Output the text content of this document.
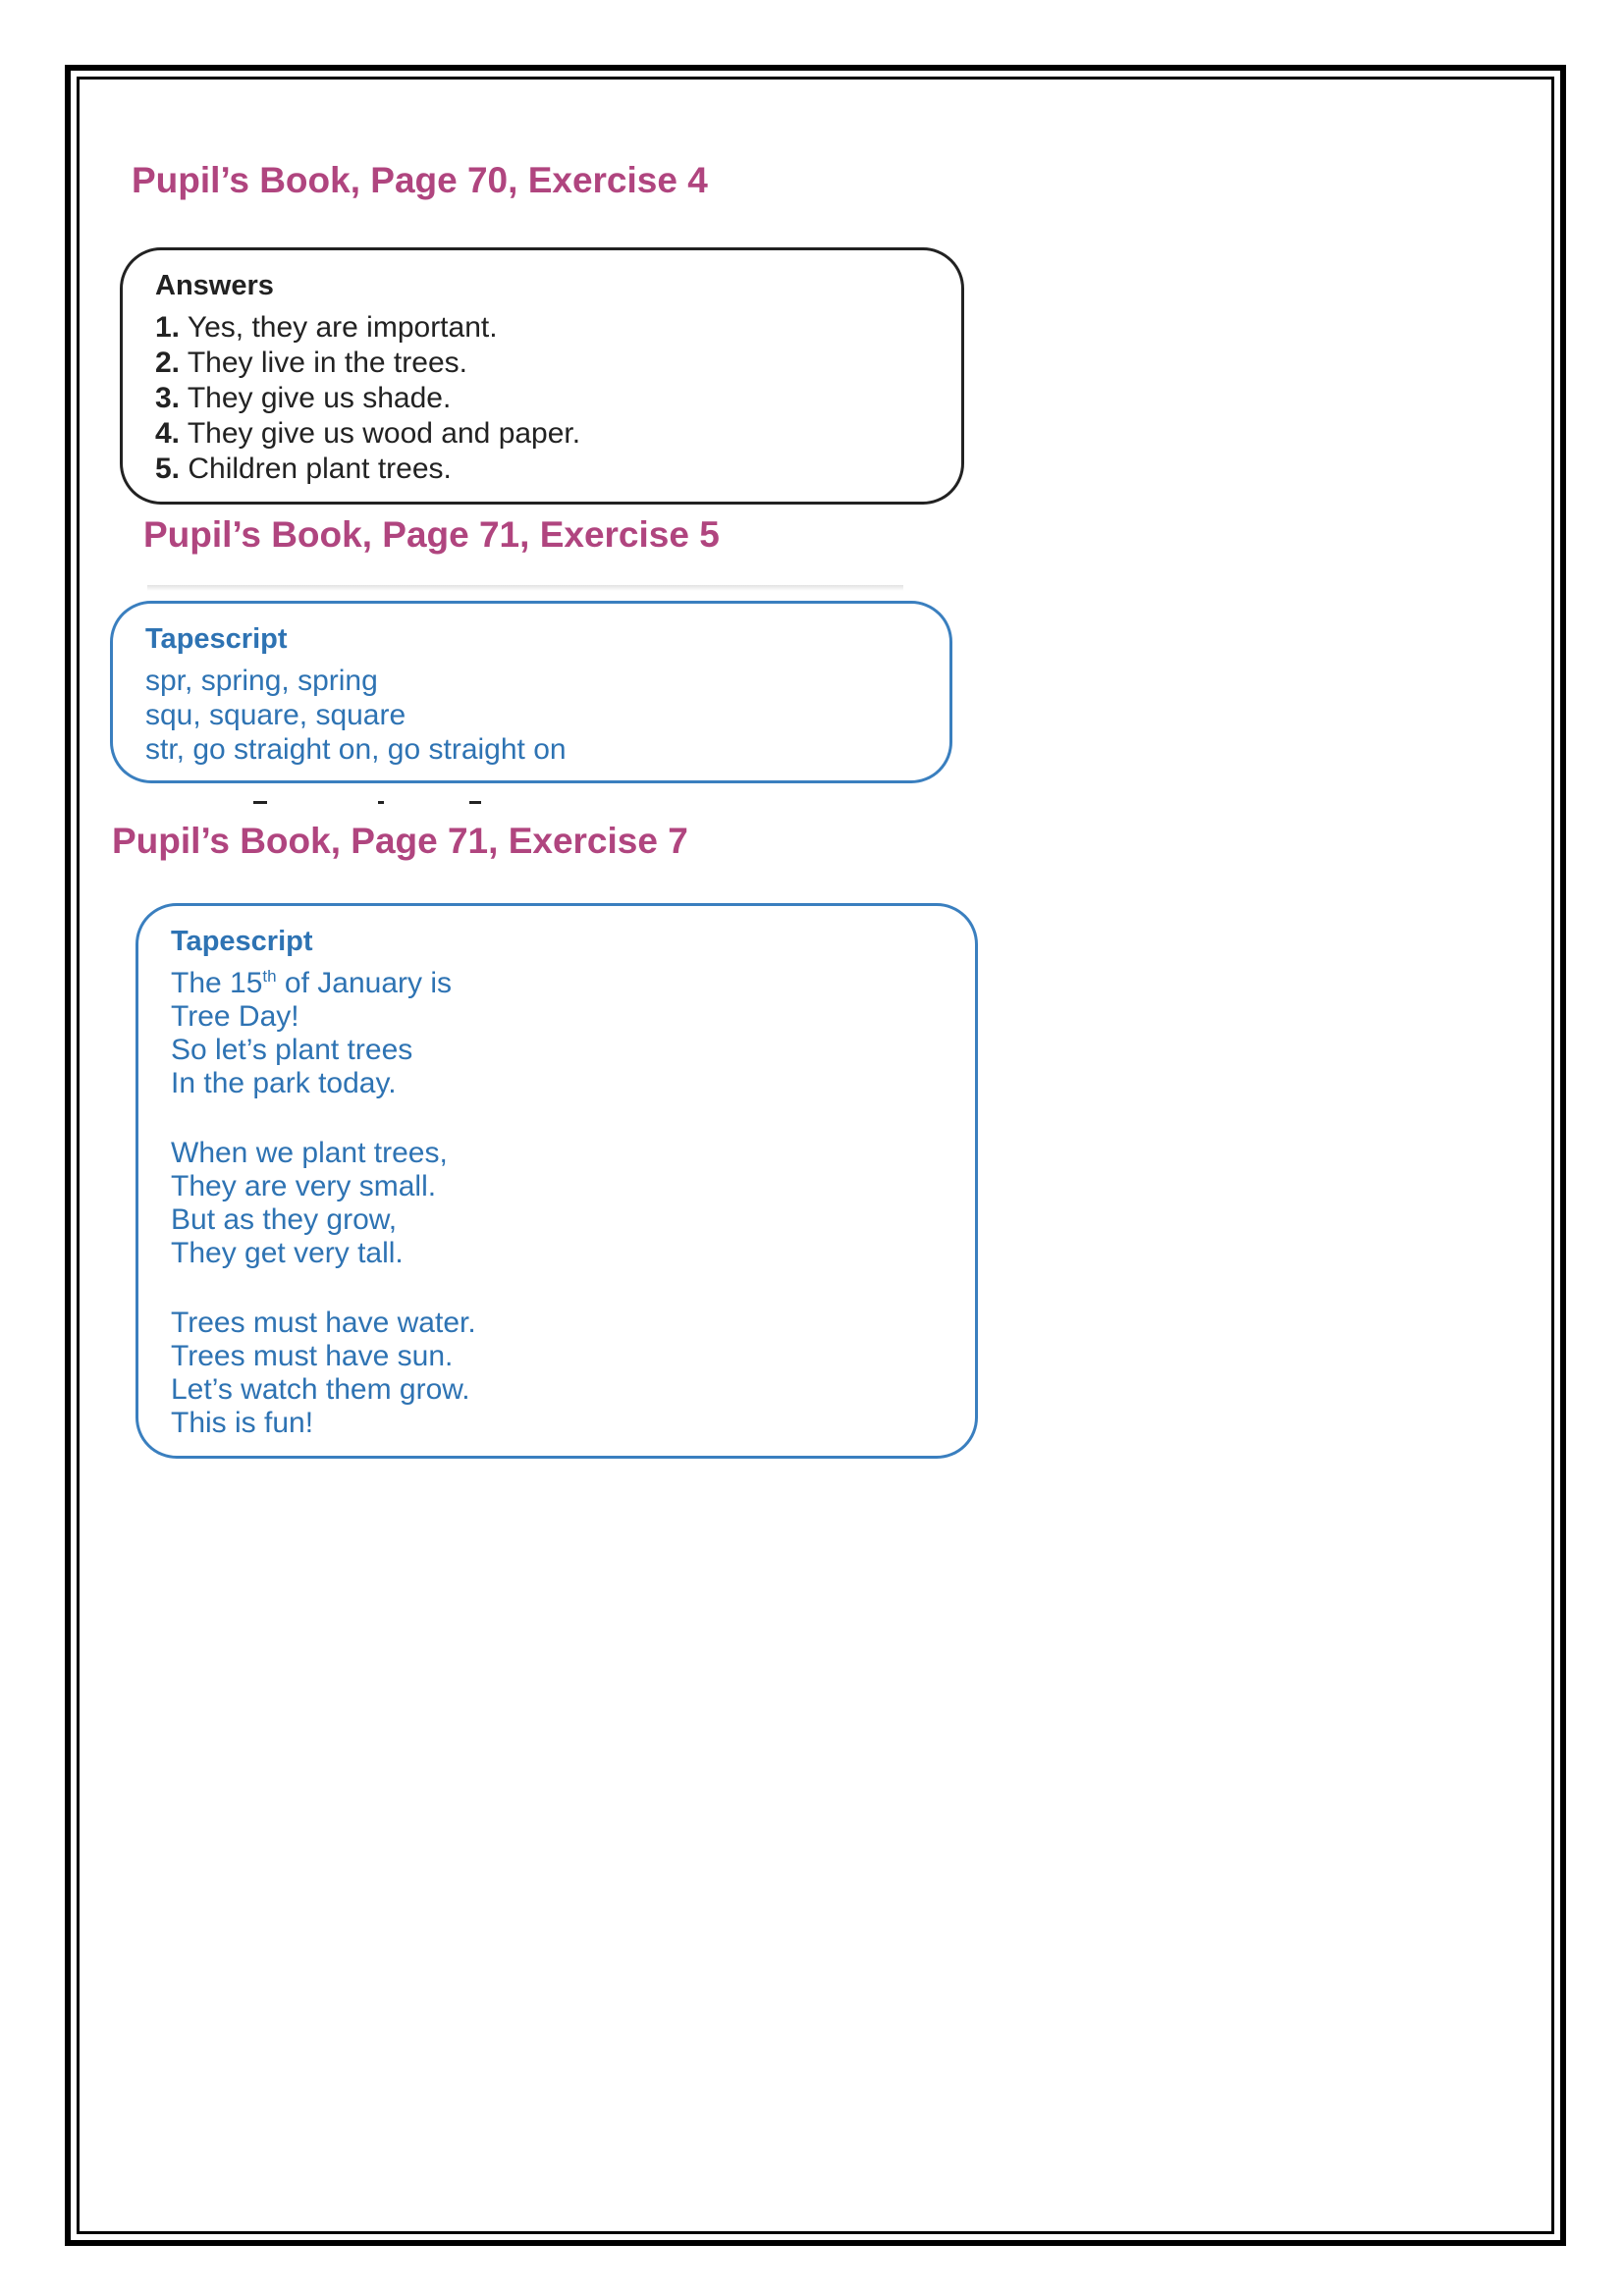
Pupil’s Book, Page 70, Exercise 4

Answers

1. Yes, they are important.

2. They live in the trees.

3. They give us shade.

4. They give us wood and paper.

5. Children plant trees.

Pupil’s Book, Page 71, Exercise 5

Tapescript

spr, spring, spring

squ, square, square

str, go straight on, go straight on

Pupil’s Book, Page 71, Exercise 7

Tapescript

The 15th of January is

Tree Day!

So let’s plant trees

In the park today.

When we plant trees,

They are very small.

But as they grow,

They get very tall.

Trees must have water.

Trees must have sun.

Let’s watch them grow.

This is fun!
